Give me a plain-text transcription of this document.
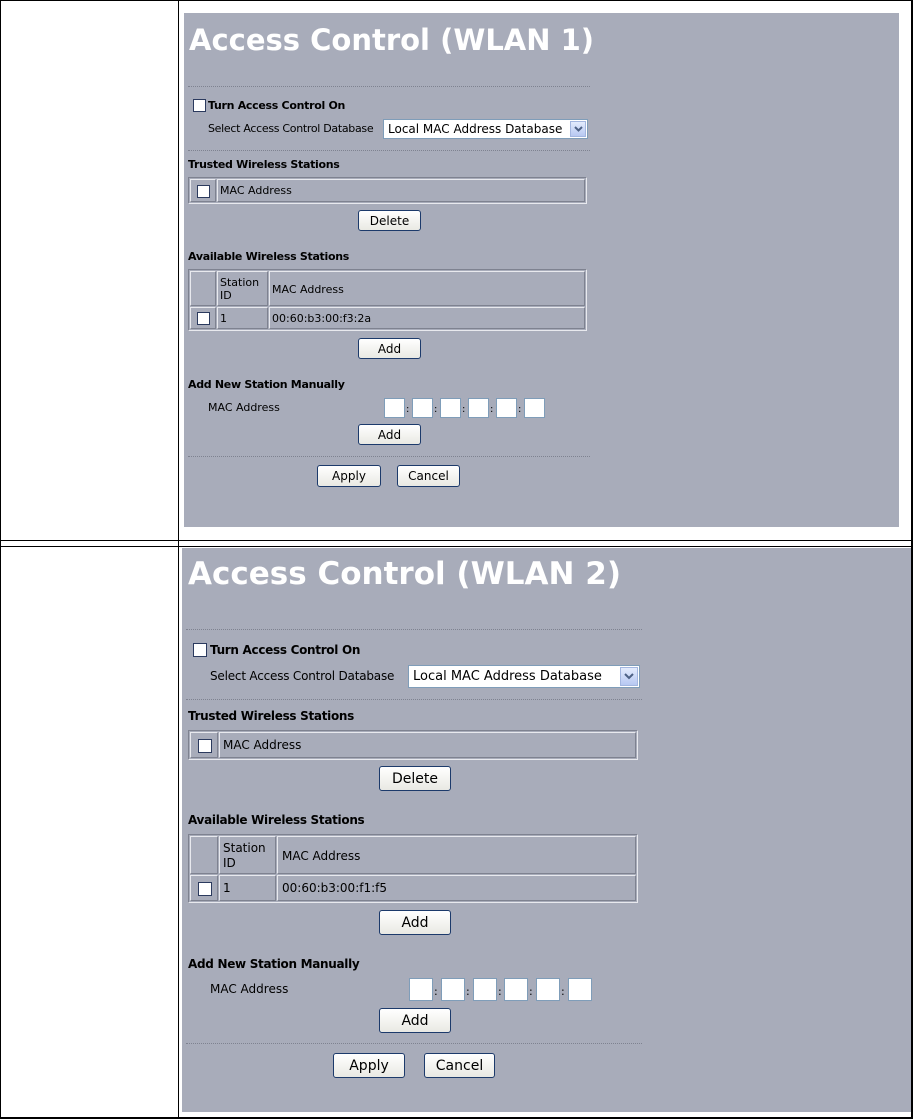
Access Control (WLAN 1)
Turn Access Control On
Select Access Control Database Local MAC Address Database
Trusted Wireless Stations
MAC Address
Delete
Available Wireless Stations
Station ID	MAC Address
1	00:60:b3:00:f3:2a
Add
Add New Station Manually
MAC Address	: : : : :
Add
Apply	Cancel
Access Control (WLAN 2)
Turn Access Control On
Select Access Control Database Local MAC Address Database
Trusted Wireless Stations
MAC Address
Delete
Available Wireless Stations
Station ID	MAC Address
1	00:60:b3:00:f1:f5
Add
Add New Station Manually
MAC Address	:	:	: :	:
Add
Apply	Cancel
